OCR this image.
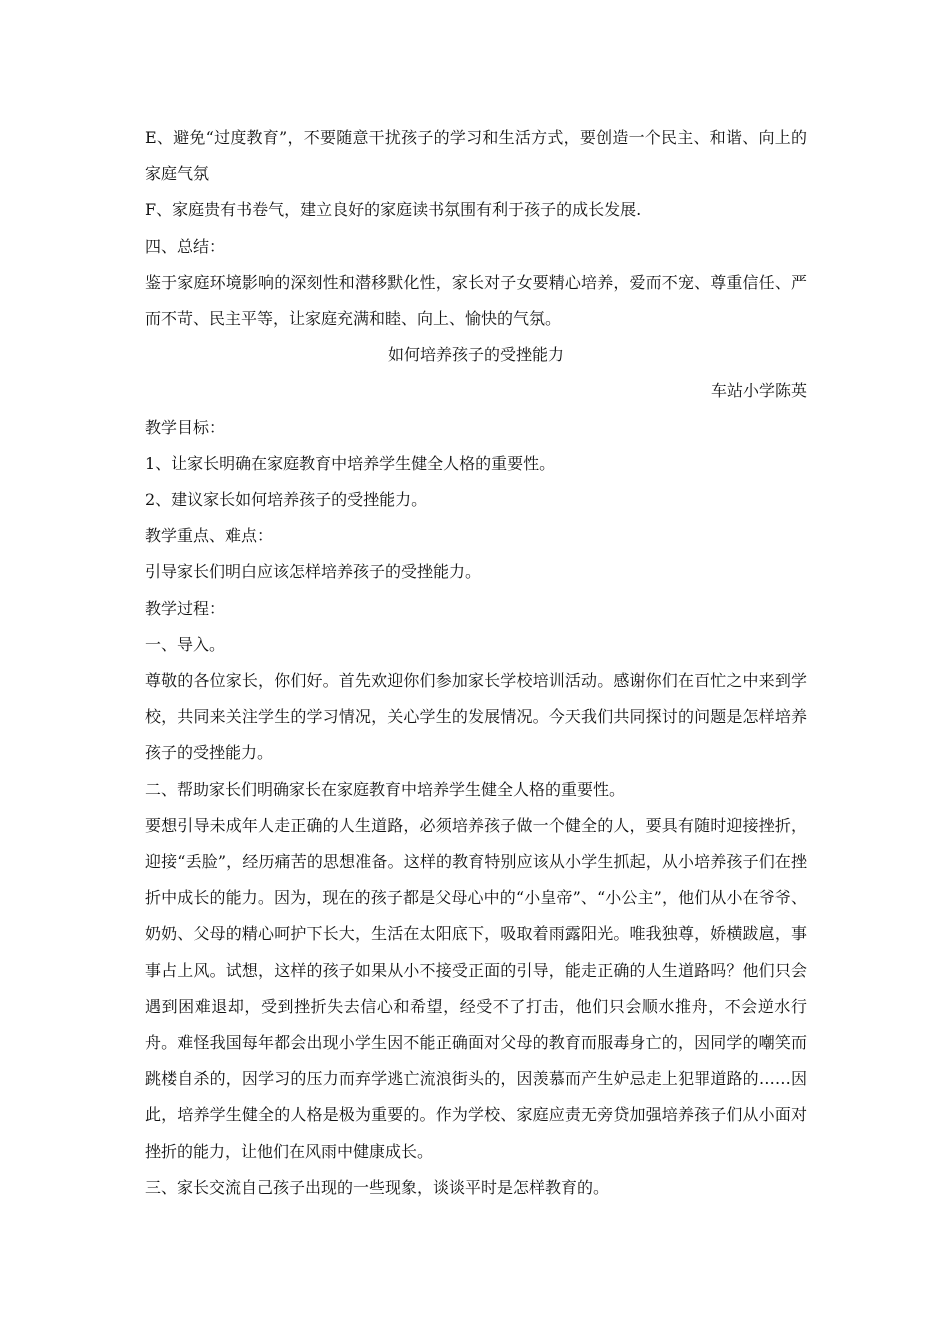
E、避免“过度教育”，不要随意干扰孩子的学习和生活方式，要创造一个民主、和谐、向上的家庭气氛

F、家庭贵有书卷气，建立良好的家庭读书氛围有利于孩子的成长发展.

四、总结：

鉴于家庭环境影响的深刻性和潜移默化性，家长对子女要精心培养，爱而不宠、尊重信任、严而不苛、民主平等，让家庭充满和睦、向上、愉快的气氛。

如何培养孩子的受挫能力

车站小学陈英

教学目标：

1、让家长明确在家庭教育中培养学生健全人格的重要性。

2、建议家长如何培养孩子的受挫能力。

教学重点、难点：

引导家长们明白应该怎样培养孩子的受挫能力。

教学过程：

一、导入。

尊敬的各位家长，你们好。首先欢迎你们参加家长学校培训活动。感谢你们在百忙之中来到学校，共同来关注学生的学习情况，关心学生的发展情况。今天我们共同探讨的问题是怎样培养孩子的受挫能力。

二、帮助家长们明确家长在家庭教育中培养学生健全人格的重要性。

要想引导未成年人走正确的人生道路，必须培养孩子做一个健全的人，要具有随时迎接挫折，迎接“丢脸”，经历痛苦的思想准备。这样的教育特别应该从小学生抓起，从小培养孩子们在挫折中成长的能力。因为，现在的孩子都是父母心中的“小皇帝”、“小公主”，他们从小在爷爷、奶奶、父母的精心呵护下长大，生活在太阳底下，吸取着雨露阳光。唯我独尊，娇横跋扈，事事占上风。试想，这样的孩子如果从小不接受正面的引导，能走正确的人生道路吗？他们只会遇到困难退却，受到挫折失去信心和希望，经受不了打击，他们只会顺水推舟，不会逆水行舟。难怪我国每年都会出现小学生因不能正确面对父母的教育而服毒身亡的，因同学的嘲笑而跳楼自杀的，因学习的压力而弃学逃亡流浪街头的，因羡慕而产生妒忌走上犯罪道路的……因此，培养学生健全的人格是极为重要的。作为学校、家庭应责无旁贷加强培养孩子们从小面对挫折的能力，让他们在风雨中健康成长。

三、家长交流自己孩子出现的一些现象，谈谈平时是怎样教育的。
